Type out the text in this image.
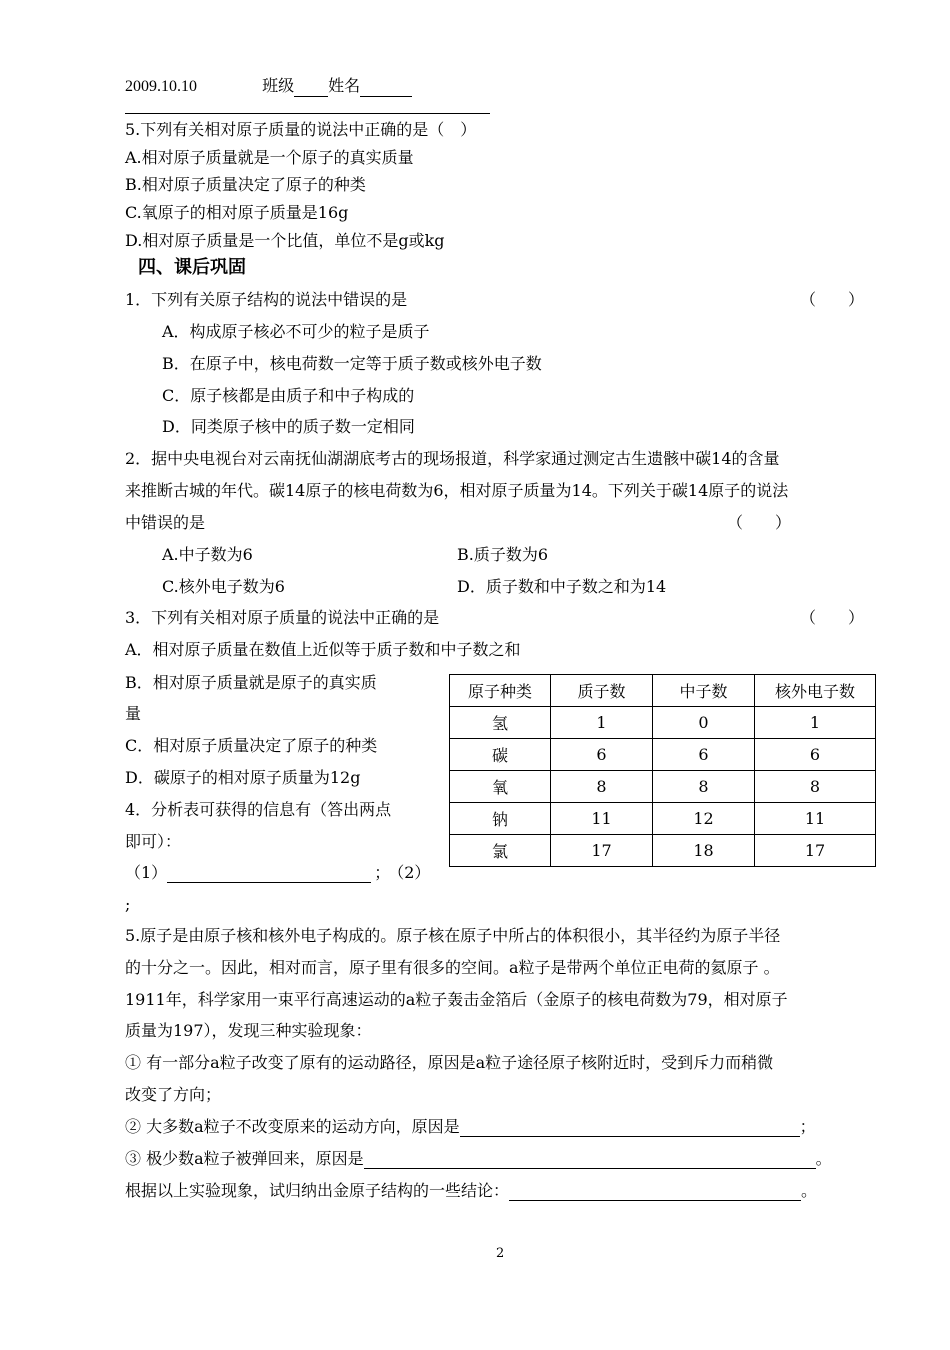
2009.10.10	班级 姓名
5.下列有关相对原子质量的说法中正确的是（　）
A.相对原子质量就是一个原子的真实质量
B.相对原子质量决定了原子的种类
C.氧原子的相对原子质量是16g
D.相对原子质量是一个比值，单位不是g或kg
四、课后巩固
1．下列有关原子结构的说法中错误的是	（　　）
A．构成原子核必不可少的粒子是质子
B．在原子中，核电荷数一定等于质子数或核外电子数
C．原子核都是由质子和中子构成的
D．同类原子核中的质子数一定相同
2．据中央电视台对云南抚仙湖湖底考古的现场报道，科学家通过测定古生遗骸中碳14的含量
来推断古城的年代。碳14原子的核电荷数为6，相对原子质量为14。下列关于碳14原子的说法
中错误的是	（　　）
A.中子数为6	B.质子数为6
C.核外电子数为6	D．质子数和中子数之和为14
3．下列有关相对原子质量的说法中正确的是	（　　）
A．相对原子质量在数值上近似等于质子数和中子数之和
B．相对原子质量就是原子的真实质
量
C．相对原子质量决定了原子的种类
D．碳原子的相对原子质量为12g
4．分析表可获得的信息有（答出两点
即可）：
（1）	； （2）
;
原子种类	质子数	中子数	核外电子数
氢	1	0	1
碳	6	6	6
氧	8	8	8
钠	11	12	11
氯	17	18	17
5.原子是由原子核和核外电子构成的。原子核在原子中所占的体积很小，其半径约为原子半径
的十分之一。因此，相对而言，原子里有很多的空间。a粒子是带两个单位正电荷的氦原子 。
1911年，科学家用一束平行高速运动的a粒子轰击金箔后（金原子的核电荷数为79，相对原子
质量为197），发现三种实验现象：
① 有一部分a粒子改变了原有的运动路径，原因是a粒子途径原子核附近时，受到斥力而稍微
改变了方向；
② 大多数a粒子不改变原来的运动方向，原因是	；
③ 极少数a粒子被弹回来，原因是	。
根据以上实验现象，试归纳出金原子结构的一些结论：	。
2
